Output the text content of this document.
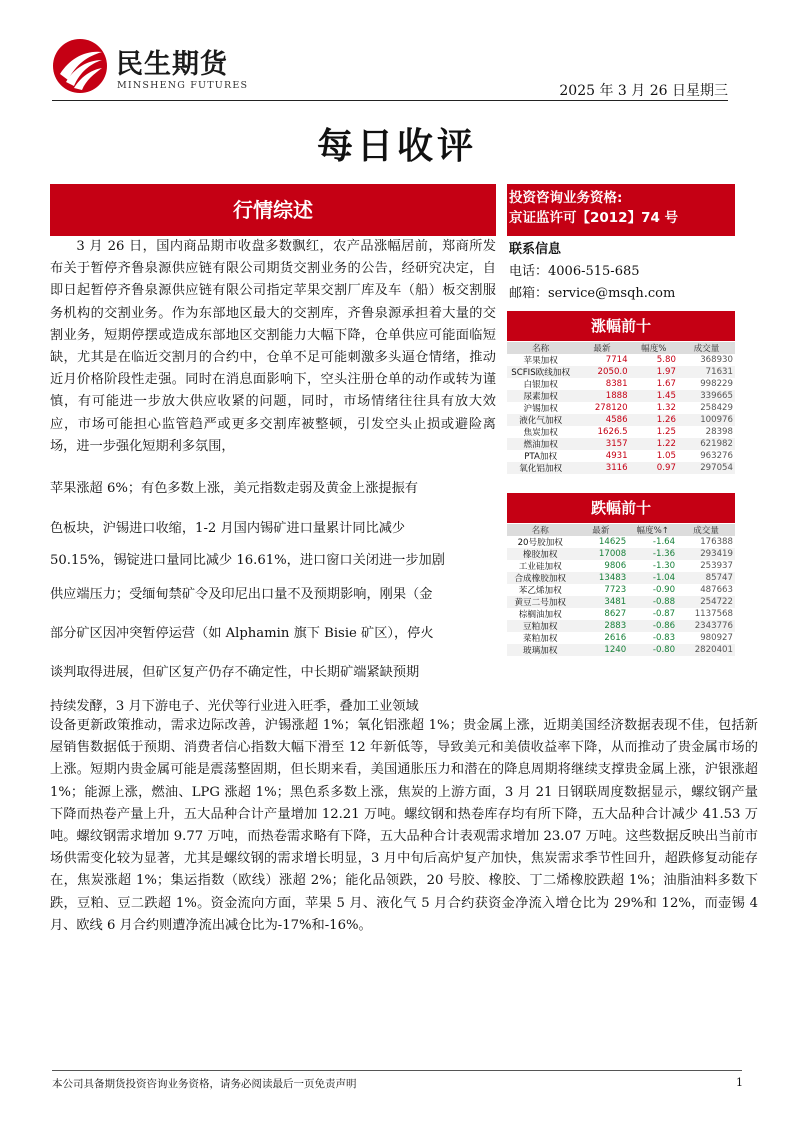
民生期货
MINSHENG FUTURES	2025 年 3 月 26 日星期三
每日收评
行情综述
3 月 26 日，国内商品期市收盘多数飘红，农产品涨幅居前，郑商所发布关于暂停齐鲁泉源供应链有限公司期货交割业务的公告，经研究决定，自即日起暂停齐鲁泉源供应链有限公司指定苹果交割厂库及车（船）板交割服务机构的交割业务。作为东部地区最大的交割库，齐鲁泉源承担着大量的交割业务，短期停摆或造成东部地区交割能力大幅下降，仓单供应可能面临短缺，尤其是在临近交割月的合约中，仓单不足可能刺激多头逼仓情绪，推动近月价格阶段性走强。同时在消息面影响下，空头注册仓单的动作或转为谨慎，有可能进一步放大供应收紧的问题，同时，市场情绪往往具有放大效应，市场可能担心监管趋严或更多交割库被整顿，引发空头止损或避险离场，进一步强化短期利多氛围，
苹果涨超 6%；有色多数上涨，美元指数走弱及黄金上涨提振有
色板块，沪锡进口收缩，1-2 月国内锡矿进口量累计同比减少
50.15%，锡锭进口量同比减少 16.61%，进口窗口关闭进一步加剧
供应端压力；受缅甸禁矿令及印尼出口量不及预期影响，刚果（金
部分矿区因冲突暂停运营（如 Alphamin 旗下 Bisie 矿区），停火
谈判取得进展，但矿区复产仍存不确定性，中长期矿端紧缺预期
持续发酵，3 月下游电子、光伏等行业进入旺季，叠加工业领域
设备更新政策推动，需求边际改善，沪锡涨超 1%；氧化铝涨超 1%；贵金属上涨，近期美国经济数据表现不佳，包括新屋销售数据低于预期、消费者信心指数大幅下滑至 12 年新低等，导致美元和美债收益率下降，从而推动了贵金属市场的上涨。短期内贵金属可能是震荡整固期，但长期来看，美国通胀压力和潜在的降息周期将继续支撑贵金属上涨，沪银涨超 1%；能源上涨，燃油、LPG 涨超 1%；黑色系多数上涨，焦炭的上游方面，3 月 21 日钢联周度数据显示，螺纹钢产量下降而热卷产量上升，五大品种合计产量增加 12.21 万吨。螺纹钢和热卷库存均有所下降，五大品种合计减少 41.53 万吨。螺纹钢需求增加 9.77 万吨，而热卷需求略有下降，五大品种合计表观需求增加 23.07 万吨。这些数据反映出当前市场供需变化较为显著，尤其是螺纹钢的需求增长明显，3 月中旬后高炉复产加快，焦炭需求季节性回升，超跌修复动能存在，焦炭涨超 1%；集运指数（欧线）涨超 2%；能化品领跌，20 号胶、橡胶、丁二烯橡胶跌超 1%；油脂油料多数下跌，豆粕、豆二跌超 1%。资金流向方面，苹果 5 月、液化气 5 月合约获资金净流入增仓比为 29%和 12%，而壶锡 4 月、欧线 6 月合约则遭净流出减仓比为-17%和-16%。
投资咨询业务资格:
京证监许可【2012】74 号
联系信息
电话：4006-515-685
邮箱：service@msqh.com
涨幅前十
名称	最新	幅度%	成交量
苹果加权	7714	5.80	368930
SCFIS欧线加权	2050.0	1.97	71631
白银加权	8381	1.67	998229
尿素加权	1888	1.45	339665
沪锡加权	278120	1.32	258429
液化气加权	4586	1.26	100976
焦炭加权	1626.5	1.25	28398
燃油加权	3157	1.22	621982
PTA加权	4931	1.05	963276
氧化铝加权	3116	0.97	297054
跌幅前十
名称	最新	幅度%↑	成交量
20号胶加权	14625	-1.64	176388
橡胶加权	17008	-1.36	293419
工业硅加权	9806	-1.30	253937
合成橡胶加权	13483	-1.04	85747
苯乙烯加权	7723	-0.90	487663
黄豆二号加权	3481	-0.88	254722
棕榈油加权	8627	-0.87	1137568
豆粕加权	2883	-0.86	2343776
菜粕加权	2616	-0.83	980927
玻璃加权	1240	-0.80	2820401
本公司具备期货投资咨询业务资格，请务必阅读最后一页免责声明	1
